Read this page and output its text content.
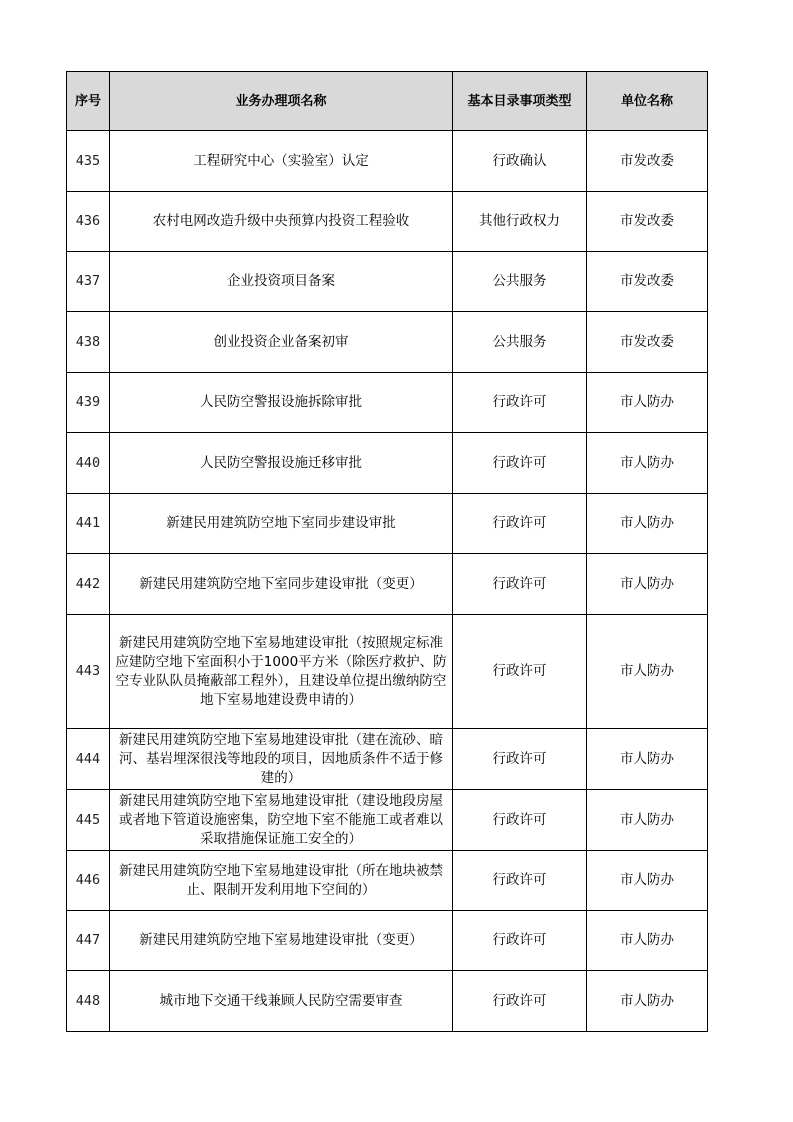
序号	业务办理项名称	基本目录事项类型	单位名称
435	工程研究中心（实验室）认定	行政确认	市发改委
436	农村电网改造升级中央预算内投资工程验收	其他行政权力	市发改委
437	企业投资项目备案	公共服务	市发改委
438	创业投资企业备案初审	公共服务	市发改委
439	人民防空警报设施拆除审批	行政许可	市人防办
440	人民防空警报设施迁移审批	行政许可	市人防办
441	新建民用建筑防空地下室同步建设审批	行政许可	市人防办
442	新建民用建筑防空地下室同步建设审批（变更）	行政许可	市人防办
443	新建民用建筑防空地下室易地建设审批（按照规定标准应建防空地下室面积小于1000平方米（除医疗救护、防空专业队队员掩蔽部工程外），且建设单位提出缴纳防空地下室易地建设费申请的）	行政许可	市人防办
444	新建民用建筑防空地下室易地建设审批（建在流砂、暗河、基岩埋深很浅等地段的项目，因地质条件不适于修建的）	行政许可	市人防办
445	新建民用建筑防空地下室易地建设审批（建设地段房屋或者地下管道设施密集，防空地下室不能施工或者难以采取措施保证施工安全的）	行政许可	市人防办
446	新建民用建筑防空地下室易地建设审批（所在地块被禁止、限制开发利用地下空间的）	行政许可	市人防办
447	新建民用建筑防空地下室易地建设审批（变更）	行政许可	市人防办
448	城市地下交通干线兼顾人民防空需要审查	行政许可	市人防办
